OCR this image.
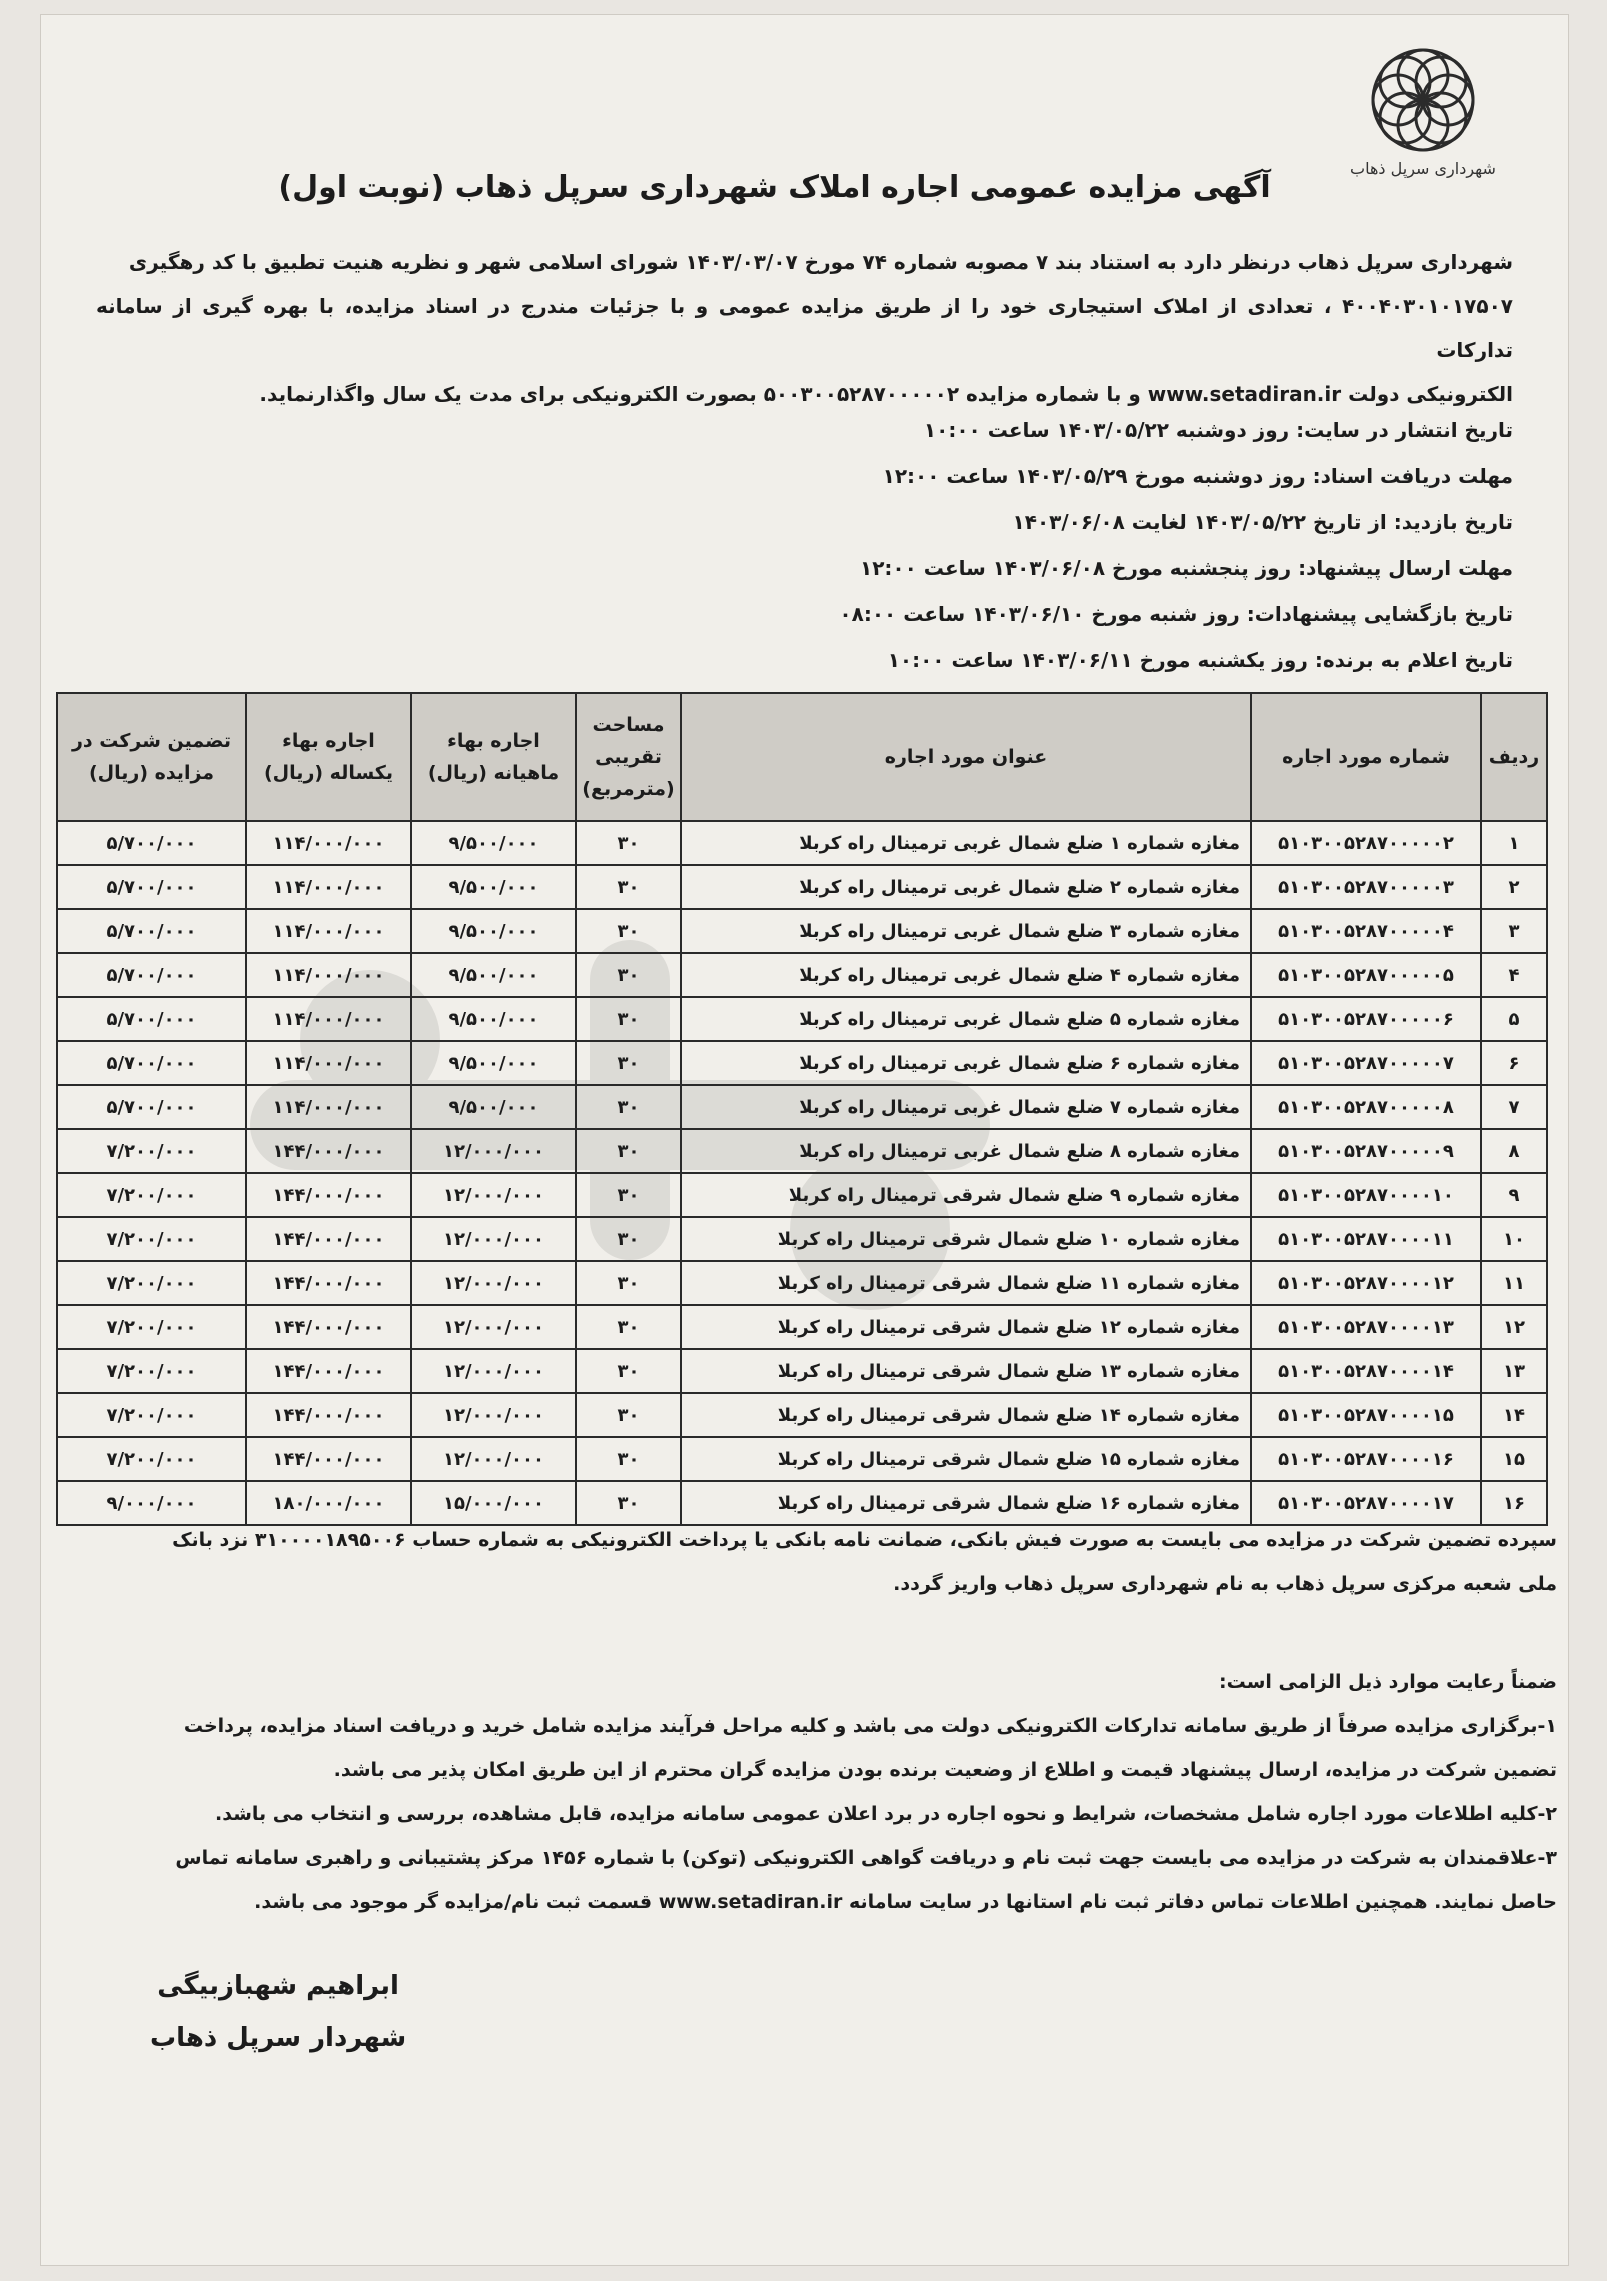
شهرداری سرپل ذهاب
آگهی مزایده عمومی اجاره املاک شهرداری سرپل ذهاب (نوبت اول)

شهرداری سرپل ذهاب درنظر دارد به استناد بند ۷ مصوبه شماره ۷۴ مورخ ۱۴۰۳/۰۳/۰۷ شورای اسلامی شهر و نظریه هنیت تطبیق با کد رهگیری

۴۰۰۴۰۳۰۱۰۱۷۵۰۷ ، تعدادی از املاک استیجاری خود را از طریق مزایده عمومی و با جزئیات مندرج در اسناد مزایده، با بهره گیری از سامانه تدارکات

الکترونیکی دولت www.setadiran.ir و با شماره مزایده ۵۰۰۳۰۰۵۲۸۷۰۰۰۰۰۲ بصورت الکترونیکی برای مدت یک سال واگذارنماید.

تاریخ انتشار در سایت: روز دوشنبه ۱۴۰۳/۰۵/۲۲ ساعت ۱۰:۰۰
مهلت دریافت اسناد: روز دوشنبه مورخ ۱۴۰۳/۰۵/۲۹ ساعت ۱۲:۰۰
تاریخ بازدید: از تاریخ ۱۴۰۳/۰۵/۲۲ لغایت ۱۴۰۳/۰۶/۰۸
مهلت ارسال پیشنهاد: روز پنجشنبه مورخ ۱۴۰۳/۰۶/۰۸ ساعت ۱۲:۰۰
تاریخ بازگشایی پیشنهادات: روز شنبه مورخ ۱۴۰۳/۰۶/۱۰ ساعت ۰۸:۰۰
تاریخ اعلام به برنده: روز یکشنبه مورخ ۱۴۰۳/۰۶/۱۱ ساعت ۱۰:۰۰
ردیف	شماره مورد اجاره	عنوان مورد اجاره	مساحت تقریبی (مترمربع)	اجاره بهاء ماهیانه (ریال)	اجاره بهاء یکساله (ریال)	تضمین شرکت در مزایده (ریال)
۱	۵۱۰۳۰۰۵۲۸۷۰۰۰۰۰۲	مغازه شماره ۱ ضلع شمال غربی ترمینال راه کربلا	۳۰	۹/۵۰۰/۰۰۰	۱۱۴/۰۰۰/۰۰۰	۵/۷۰۰/۰۰۰
۲	۵۱۰۳۰۰۵۲۸۷۰۰۰۰۰۳	مغازه شماره ۲ ضلع شمال غربی ترمینال راه کربلا	۳۰	۹/۵۰۰/۰۰۰	۱۱۴/۰۰۰/۰۰۰	۵/۷۰۰/۰۰۰
۳	۵۱۰۳۰۰۵۲۸۷۰۰۰۰۰۴	مغازه شماره ۳ ضلع شمال غربی ترمینال راه کربلا	۳۰	۹/۵۰۰/۰۰۰	۱۱۴/۰۰۰/۰۰۰	۵/۷۰۰/۰۰۰
۴	۵۱۰۳۰۰۵۲۸۷۰۰۰۰۰۵	مغازه شماره ۴ ضلع شمال غربی ترمینال راه کربلا	۳۰	۹/۵۰۰/۰۰۰	۱۱۴/۰۰۰/۰۰۰	۵/۷۰۰/۰۰۰
۵	۵۱۰۳۰۰۵۲۸۷۰۰۰۰۰۶	مغازه شماره ۵ ضلع شمال غربی ترمینال راه کربلا	۳۰	۹/۵۰۰/۰۰۰	۱۱۴/۰۰۰/۰۰۰	۵/۷۰۰/۰۰۰
۶	۵۱۰۳۰۰۵۲۸۷۰۰۰۰۰۷	مغازه شماره ۶ ضلع شمال غربی ترمینال راه کربلا	۳۰	۹/۵۰۰/۰۰۰	۱۱۴/۰۰۰/۰۰۰	۵/۷۰۰/۰۰۰
۷	۵۱۰۳۰۰۵۲۸۷۰۰۰۰۰۸	مغازه شماره ۷ ضلع شمال غربی ترمینال راه کربلا	۳۰	۹/۵۰۰/۰۰۰	۱۱۴/۰۰۰/۰۰۰	۵/۷۰۰/۰۰۰
۸	۵۱۰۳۰۰۵۲۸۷۰۰۰۰۰۹	مغازه شماره ۸ ضلع شمال غربی ترمینال راه کربلا	۳۰	۱۲/۰۰۰/۰۰۰	۱۴۴/۰۰۰/۰۰۰	۷/۲۰۰/۰۰۰
۹	۵۱۰۳۰۰۵۲۸۷۰۰۰۰۱۰	مغازه شماره ۹ ضلع شمال شرقی ترمینال راه کربلا	۳۰	۱۲/۰۰۰/۰۰۰	۱۴۴/۰۰۰/۰۰۰	۷/۲۰۰/۰۰۰
۱۰	۵۱۰۳۰۰۵۲۸۷۰۰۰۰۱۱	مغازه شماره ۱۰ ضلع شمال شرقی ترمینال راه کربلا	۳۰	۱۲/۰۰۰/۰۰۰	۱۴۴/۰۰۰/۰۰۰	۷/۲۰۰/۰۰۰
۱۱	۵۱۰۳۰۰۵۲۸۷۰۰۰۰۱۲	مغازه شماره ۱۱ ضلع شمال شرقی ترمینال راه کربلا	۳۰	۱۲/۰۰۰/۰۰۰	۱۴۴/۰۰۰/۰۰۰	۷/۲۰۰/۰۰۰
۱۲	۵۱۰۳۰۰۵۲۸۷۰۰۰۰۱۳	مغازه شماره ۱۲ ضلع شمال شرقی ترمینال راه کربلا	۳۰	۱۲/۰۰۰/۰۰۰	۱۴۴/۰۰۰/۰۰۰	۷/۲۰۰/۰۰۰
۱۳	۵۱۰۳۰۰۵۲۸۷۰۰۰۰۱۴	مغازه شماره ۱۳ ضلع شمال شرقی ترمینال راه کربلا	۳۰	۱۲/۰۰۰/۰۰۰	۱۴۴/۰۰۰/۰۰۰	۷/۲۰۰/۰۰۰
۱۴	۵۱۰۳۰۰۵۲۸۷۰۰۰۰۱۵	مغازه شماره ۱۴ ضلع شمال شرقی ترمینال راه کربلا	۳۰	۱۲/۰۰۰/۰۰۰	۱۴۴/۰۰۰/۰۰۰	۷/۲۰۰/۰۰۰
۱۵	۵۱۰۳۰۰۵۲۸۷۰۰۰۰۱۶	مغازه شماره ۱۵ ضلع شمال شرقی ترمینال راه کربلا	۳۰	۱۲/۰۰۰/۰۰۰	۱۴۴/۰۰۰/۰۰۰	۷/۲۰۰/۰۰۰
۱۶	۵۱۰۳۰۰۵۲۸۷۰۰۰۰۱۷	مغازه شماره ۱۶ ضلع شمال شرقی ترمینال راه کربلا	۳۰	۱۵/۰۰۰/۰۰۰	۱۸۰/۰۰۰/۰۰۰	۹/۰۰۰/۰۰۰

سپرده تضمین شرکت در مزایده می بایست به صورت فیش بانکی، ضمانت نامه بانکی یا پرداخت الکترونیکی به شماره حساب ۳۱۰۰۰۰۱۸۹۵۰۰۶ نزد بانک

ملی شعبه مرکزی سرپل ذهاب به نام شهرداری سرپل ذهاب واریز گردد.

ضمناً رعایت موارد ذیل الزامی است:

۱-برگزاری مزایده صرفاً از طریق سامانه تدارکات الکترونیکی دولت می باشد و کلیه مراحل فرآیند مزایده شامل خرید و دریافت اسناد مزایده، پرداخت

تضمین شرکت در مزایده، ارسال پیشنهاد قیمت و اطلاع از وضعیت برنده بودن مزایده گران محترم از این طریق امکان پذیر می باشد.

۲-کلیه اطلاعات مورد اجاره شامل مشخصات، شرایط و نحوه اجاره در برد اعلان عمومی سامانه مزایده، قابل مشاهده، بررسی و انتخاب می باشد.

۳-علاقمندان به شرکت در مزایده می بایست جهت ثبت نام و دریافت گواهی الکترونیکی (توکن) با شماره ۱۴۵۶ مرکز پشتیبانی و راهبری سامانه تماس

حاصل نمایند. همچنین اطلاعات تماس دفاتر ثبت نام استانها در سایت سامانه www.setadiran.ir قسمت ثبت نام/مزایده گر موجود می باشد.

ابراهیم شهبازبیگی
شهردار سرپل ذهاب
